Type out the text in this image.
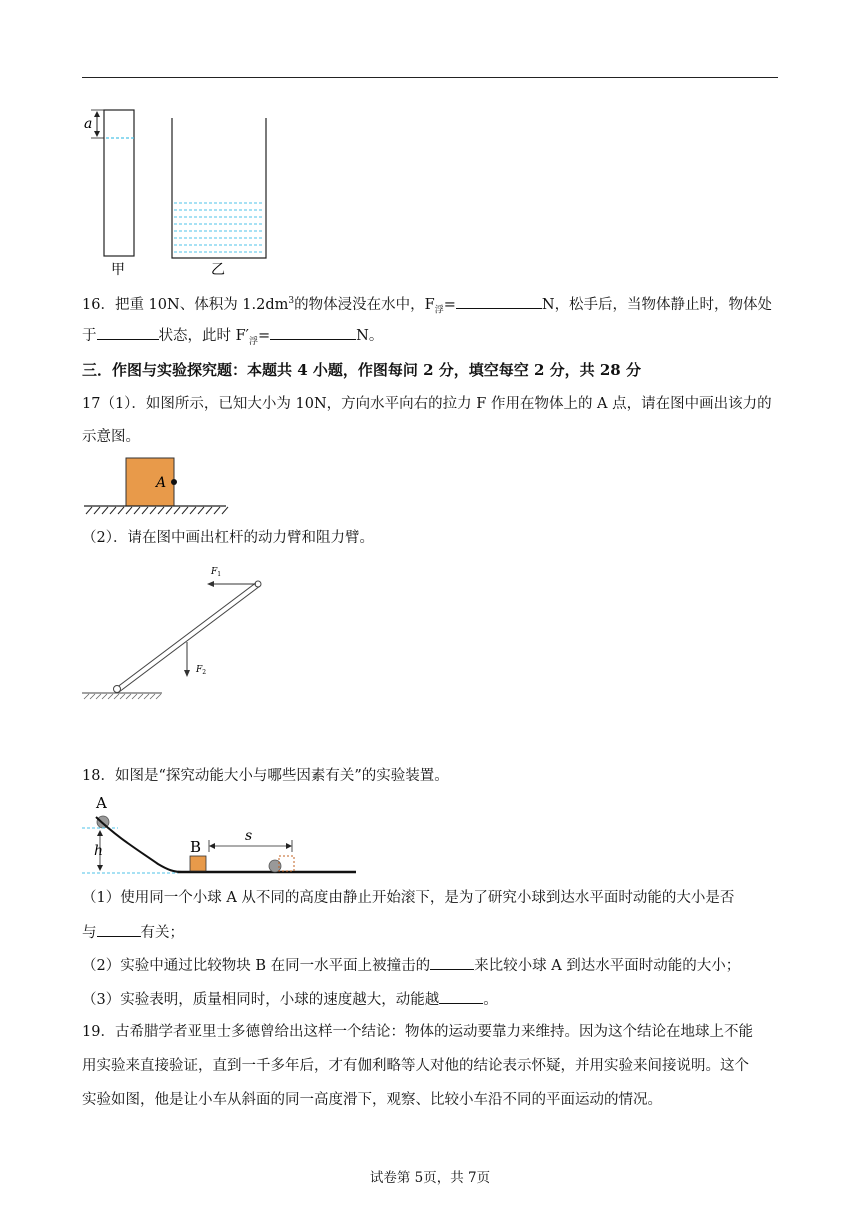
a
甲	乙
16．把重 10N、体积为 $1.2dm^3$的物体浸没在水中，$F_浮=$	N，松手后，当物体静止时，物体处
于	状态，此时 $F'_浮=$	N。
三．作图与实验探究题：本题共 4 小题，作图每问 2 分，填空每空 2 分，共 28 分
17（1）．如图所示，已知大小为 10N，方向水平向右的拉力 F 作用在物体上的 A 点，请在图中画出该力的
示意图。
A
（2）．请在图中画出杠杆的动力臂和阻力臂。
$F_1$
$F_2$
18．如图是“探究动能大小与哪些因素有关”的实验装置。
A
h	B
s
（1）使用同一个小球 A 从不同的高度由静止开始滚下，是为了研究小球到达水平面时动能的大小是否
与	有关；
（2）实验中通过比较物块 B 在同一水平面上被撞击的	来比较小球 A 到达水平面时动能的大小；
（3）实验表明，质量相同时，小球的速度越大，动能越	。
19．古希腊学者亚里士多德曾给出这样一个结论：物体的运动要靠力来维持。因为这个结论在地球上不能
用实验来直接验证，直到一千多年后，才有伽利略等人对他的结论表示怀疑，并用实验来间接说明。这个
实验如图，他是让小车从斜面的同一高度滑下，观察、比较小车沿不同的平面运动的情况。
试卷第 5页，共 7页
